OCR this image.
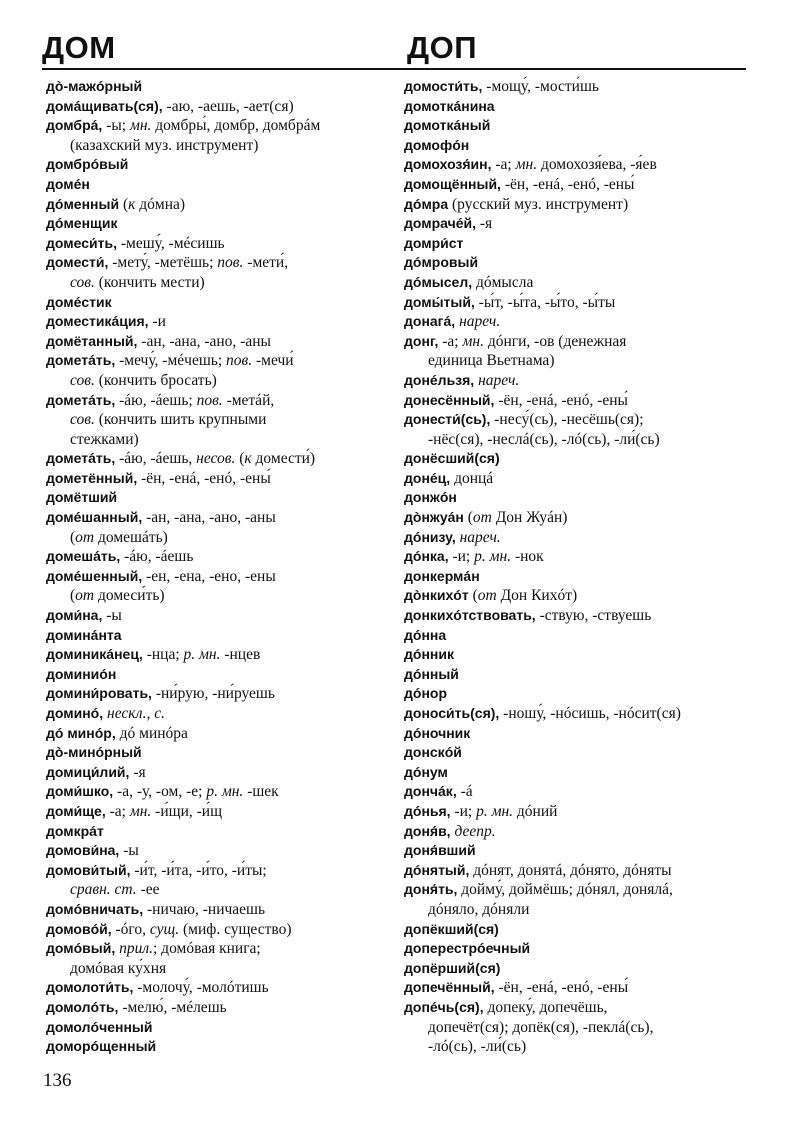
ДОМ	ДОП
дò-мажóрный
домáщивать(ся), -аю, -аешь, -ает(ся)
домбрá, -ы; мн. домбры́, домбр, домбрáм
(казахский муз. инструмент)
домбрóвый
домéн
дóменный (к дóмна)
дóменщик
домеси́ть, -мешу́, -мéсишь
домести́, -мету́, -метёшь; пов. -мети́,
сов. (кончить мести)
домéстик
доместикáция, -и
домётанный, -ан, -ана, -ано, -аны
дометáть, -мечу́, -мéчешь; пов. -мечи́
сов. (кончить бросать)
дометáть, -áю, -áешь; пов. -метáй,
сов. (кончить шить крупными
стежками)
дометáть, -áю, -áешь, несов. (к домести́)
дометённый, -ён, -енá, -енó, -ены́
домётший
домéшанный, -ан, -ана, -ано, -аны
(от домешáть)
домешáть, -áю, -áешь
домéшенный, -ен, -ена, -ено, -ены
(от домеси́ть)
доми́на, -ы
доминáнта
доминикáнец, -нца; р. мн. -нцев
доминиóн
домини́ровать, -ни́рую, -ни́руешь
доминó, нескл., с.
дó минóр, дó минóра
дò-минóрный
домици́лий, -я
доми́шко, -а, -у, -ом, -е; р. мн. -шек
доми́ще, -а; мн. -и́щи, -и́щ
домкрáт
домови́на, -ы
домови́тый, -и́т, -и́та, -и́то, -и́ты;
сравн. ст. -ее
домóвничать, -ничаю, -ничаешь
домовóй, -óго, сущ. (миф. существо)
домóвый, прил.; домóвая книга;
домóвая ку́хня
домолоти́ть, -молочу́, -молóтишь
домолóть, -мелю́, -мéлешь
домолóченный
доморóщенный
домости́ть, -мощу́, -мости́шь
домоткáнина
домоткáный
домофóн
домохозя́ин, -а; мн. домохозя́ева, -я́ев
домощённый, -ён, -енá, -енó, -ены́
дóмра (русский муз. инструмент)
домрачéй, -я
домри́ст
дóмровый
дóмысел, дóмысла
домы́тый, -ы́т, -ы́та, -ы́то, -ы́ты
донагá, нареч.
донг, -а; мн. дóнги, -ов (денежная
единица Вьетнама)
донéльзя, нареч.
донесённый, -ён, -енá, -енó, -ены́
донести́(сь), -несу́(сь), -несёшь(ся);
-нёс(ся), -неслá(сь), -лó(сь), -ли́(сь)
донёсший(ся)
донéц, донцá
донжóн
дòнжуáн (от Дон Жуáн)
дóнизу, нареч.
дóнка, -и; р. мн. -нок
донкермáн
дòнкихóт (от Дон Кихóт)
донкихóтствовать, -ствую, -ствуешь
дóнна
дóнник
дóнный
дóнор
доноси́ть(ся), -ношу́, -нóсишь, -нóсит(ся)
дóночник
донскóй
дóнум
дончáк, -á
дóнья, -и; р. мн. дóний
доня́в, деепр.
доня́вший
дóнятый, дóнят, донятá, дóнято, дóняты
доня́ть, дойму́, доймёшь; дóнял, донялá,
дóняло, дóняли
допёкший(ся)
доперестрóечный
допёрший(ся)
допечённый, -ён, -енá, -енó, -ены́
допéчь(ся), допеку́, допечёшь,
допечёт(ся); допёк(ся), -пеклá(сь),
-лó(сь), -ли́(сь)
136
